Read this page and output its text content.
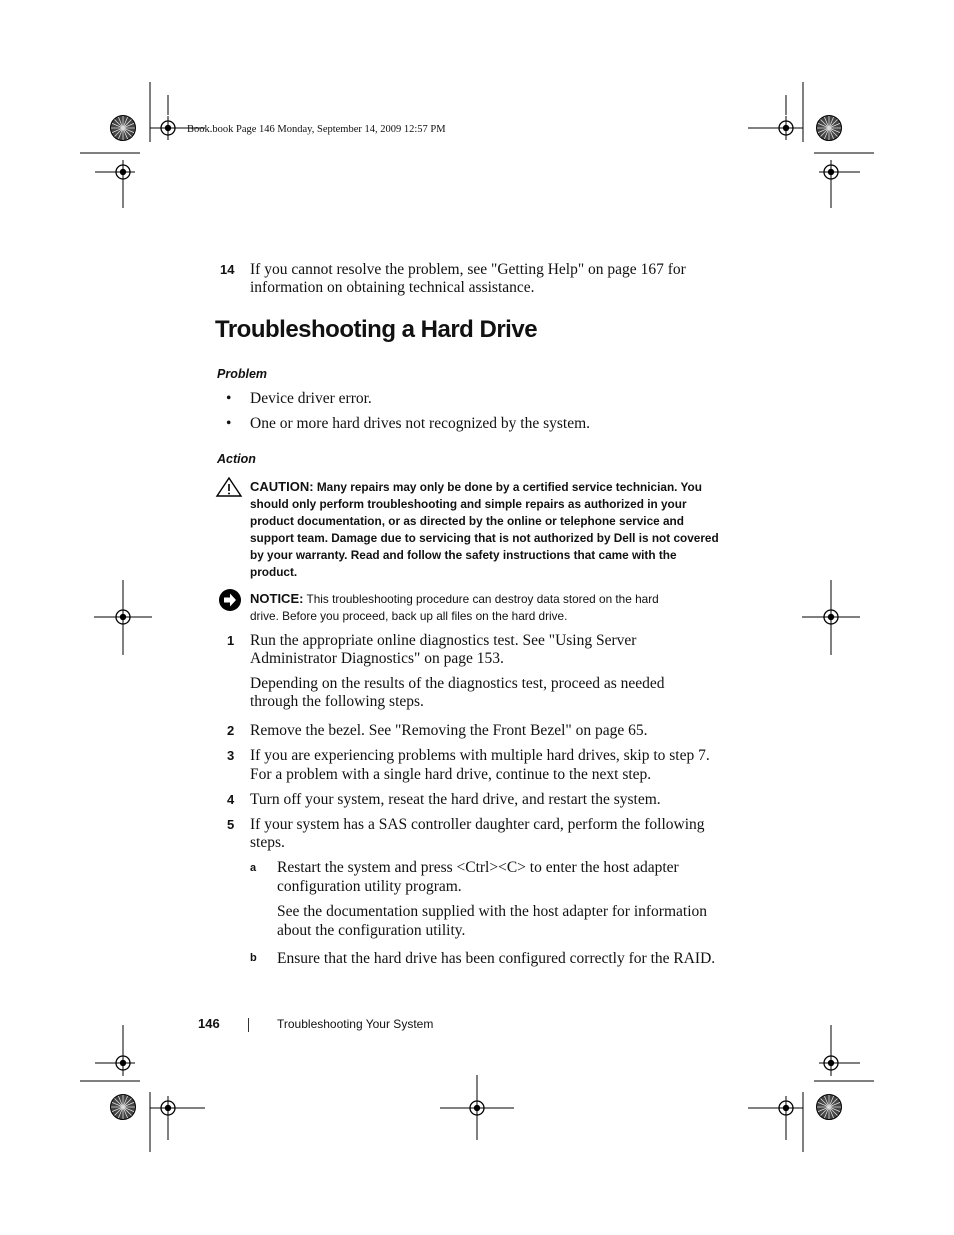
Book.book Page 146 Monday, September 14, 2009 12:57 PM
14 If you cannot resolve the problem, see "Getting Help" on page 167 for
information on obtaining technical assistance.
Troubleshooting a Hard Drive
Problem
• Device driver error.
• One or more hard drives not recognized by the system.
Action
CAUTION: Many repairs may only be done by a certified service technician. You
should only perform troubleshooting and simple repairs as authorized in your
product documentation, or as directed by the online or telephone service and
support team. Damage due to servicing that is not authorized by Dell is not covered
by your warranty. Read and follow the safety instructions that came with the
product.
NOTICE: This troubleshooting procedure can destroy data stored on the hard
drive. Before you proceed, back up all files on the hard drive.
1 Run the appropriate online diagnostics test. See "Using Server
Administrator Diagnostics" on page 153.
Depending on the results of the diagnostics test, proceed as needed
through the following steps.
2 Remove the bezel. See "Removing the Front Bezel" on page 65.
3 If you are experiencing problems with multiple hard drives, skip to step 7.
For a problem with a single hard drive, continue to the next step.
4 Turn off your system, reseat the hard drive, and restart the system.
5 If your system has a SAS controller daughter card, perform the following
steps.
a Restart the system and press <Ctrl><C> to enter the host adapter
configuration utility program.
See the documentation supplied with the host adapter for information
about the configuration utility.
b Ensure that the hard drive has been configured correctly for the RAID.
146	Troubleshooting Your System
